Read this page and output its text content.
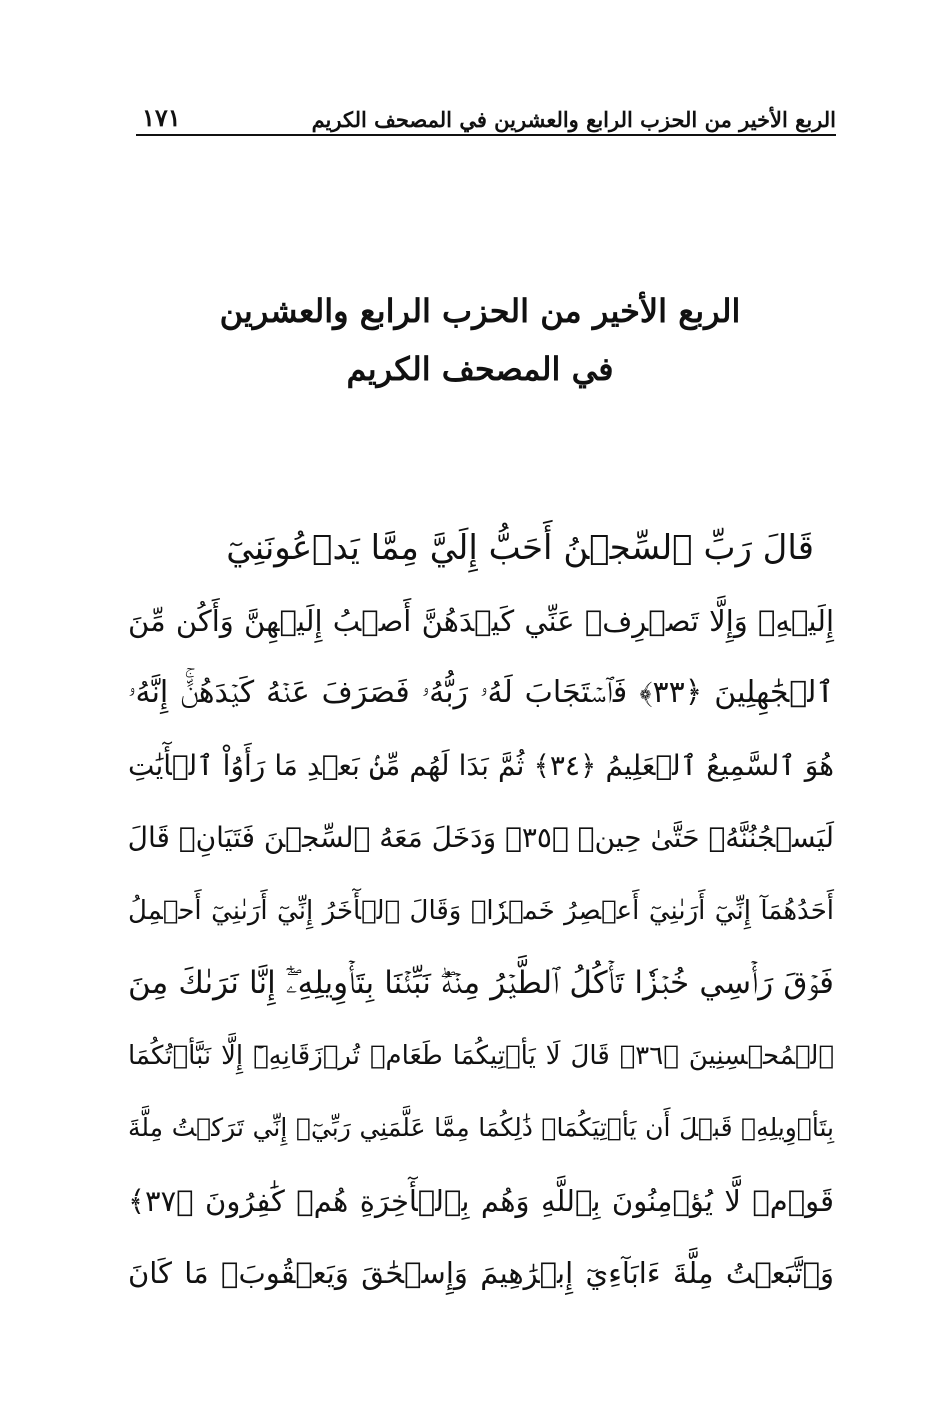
١٧١	الربع الأخير من الحزب الرابع والعشرين في المصحف الكريم
الربع الأخير من الحزب الرابع والعشرين
في المصحف الكريم
قَالَ رَبِّ ٱلسِّجۡنُ أَحَبُّ إِلَيَّ مِمَّا يَدۡعُونَنِيٓ
إِلَيۡهِۖ وَإِلَّا تَصۡرِفۡ عَنِّي كَيۡدَهُنَّ أَصۡبُ إِلَيۡهِنَّ وَأَكُن مِّنَ
ٱلۡجَٰهِلِينَ ﴿٣٣﴾ فَٱسۡتَجَابَ لَهُۥ رَبُّهُۥ فَصَرَفَ عَنۡهُ كَيۡدَهُنَّۚ إِنَّهُۥ
هُوَ ٱلسَّمِيعُ ٱلۡعَلِيمُ ﴿٣٤﴾ ثُمَّ بَدَا لَهُم مِّنۢ بَعۡدِ مَا رَأَوُاْ ٱلۡأٓيَٰتِ
لَيَسۡجُنُنَّهُۥ حَتَّىٰ حِينٖ ﴿٣٥﴾ وَدَخَلَ مَعَهُ ٱلسِّجۡنَ فَتَيَانِۖ قَالَ
أَحَدُهُمَآ إِنِّيٓ أَرَىٰنِيٓ أَعۡصِرُ خَمۡرٗاۖ وَقَالَ ٱلۡأٓخَرُ إِنِّيٓ أَرَىٰنِيٓ أَحۡمِلُ
فَوۡقَ رَأۡسِي خُبۡزٗا تَأۡكُلُ ٱلطَّيۡرُ مِنۡهُۖ نَبِّئۡنَا بِتَأۡوِيلِهِۦٓۖ إِنَّا نَرَىٰكَ مِنَ
ٱلۡمُحۡسِنِينَ ﴿٣٦﴾ قَالَ لَا يَأۡتِيكُمَا طَعَامٞ تُرۡزَقَانِهِۦٓ إِلَّا نَبَّأۡتُكُمَا
بِتَأۡوِيلِهِۦ قَبۡلَ أَن يَأۡتِيَكُمَاۚ ذَٰلِكُمَا مِمَّا عَلَّمَنِي رَبِّيٓۚ إِنِّي تَرَكۡتُ مِلَّةَ
قَوۡمٖ لَّا يُؤۡمِنُونَ بِٱللَّهِ وَهُم بِٱلۡأٓخِرَةِ هُمۡ كَٰفِرُونَ ﴿٣٧﴾
وَٱتَّبَعۡتُ مِلَّةَ ءَابَآءِيٓ إِبۡرَٰهِيمَ وَإِسۡحَٰقَ وَيَعۡقُوبَۚ مَا كَانَ
